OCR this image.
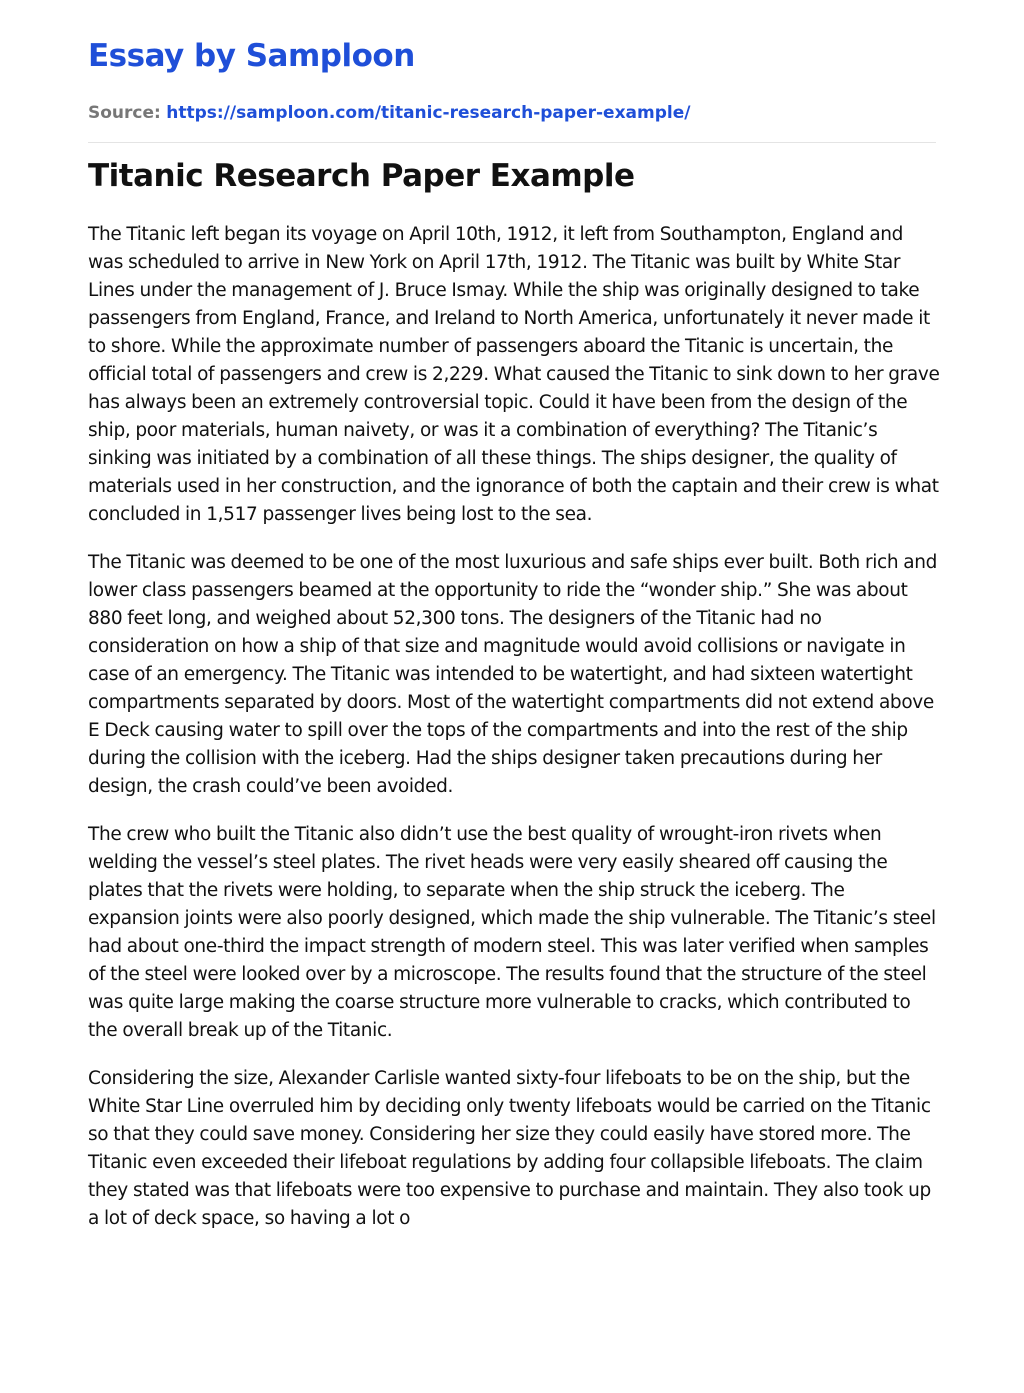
Essay by Samploon
Source: https://samploon.com/titanic-research-paper-example/
Titanic Research Paper Example

The Titanic left began its voyage on April 10th, 1912, it left from Southampton, England and was scheduled to arrive in New York on April 17th, 1912. The Titanic was built by White Star Lines under the management of J. Bruce Ismay. While the ship was originally designed to take passengers from England, France, and Ireland to North America, unfortunately it never made it to shore. While the approximate number of passengers aboard the Titanic is uncertain, the official total of passengers and crew is 2,229. What caused the Titanic to sink down to her grave has always been an extremely controversial topic. Could it have been from the design of the ship, poor materials, human naivety, or was it a combination of everything? The Titanic’s sinking was initiated by a combination of all these things. The ships designer, the quality of materials used in her construction, and the ignorance of both the captain and their crew is what concluded in 1,517 passenger lives being lost to the sea.

The Titanic was deemed to be one of the most luxurious and safe ships ever built. Both rich and lower class passengers beamed at the opportunity to ride the “wonder ship.” She was about 880 feet long, and weighed about 52,300 tons. The designers of the Titanic had no consideration on how a ship of that size and magnitude would avoid collisions or navigate in case of an emergency. The Titanic was intended to be watertight, and had sixteen watertight compartments separated by doors. Most of the watertight compartments did not extend above E Deck causing water to spill over the tops of the compartments and into the rest of the ship during the collision with the iceberg. Had the ships designer taken precautions during her design, the crash could’ve been avoided.

The crew who built the Titanic also didn’t use the best quality of wrought-iron rivets when welding the vessel’s steel plates. The rivet heads were very easily sheared off causing the plates that the rivets were holding, to separate when the ship struck the iceberg. The expansion joints were also poorly designed, which made the ship vulnerable. The Titanic’s steel had about one-third the impact strength of modern steel. This was later verified when samples of the steel were looked over by a microscope. The results found that the structure of the steel was quite large making the coarse structure more vulnerable to cracks, which contributed to the overall break up of the Titanic.

Considering the size, Alexander Carlisle wanted sixty-four lifeboats to be on the ship, but the White Star Line overruled him by deciding only twenty lifeboats would be carried on the Titanic so that they could save money. Considering her size they could easily have stored more. The Titanic even exceeded their lifeboat regulations by adding four collapsible lifeboats. The claim they stated was that lifeboats were too expensive to purchase and maintain. They also took up a lot of deck space, so having a lot o
